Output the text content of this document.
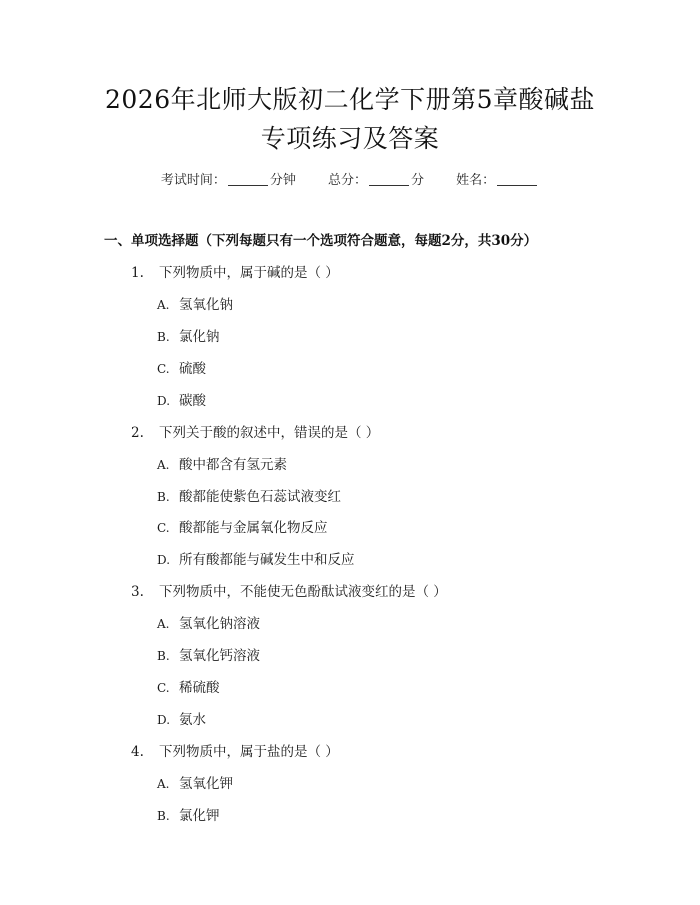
2026年北师大版初二化学下册第5章酸碱盐
专项练习及答案
考试时间：	分钟 总分：	分 姓名：
一、单项选择题（下列每题只有一个选项符合题意，每题2分，共30分）
1. 下列物质中，属于碱的是（ ）
A. 氢氧化钠
B. 氯化钠
C. 硫酸
D. 碳酸
2. 下列关于酸的叙述中，错误的是（ ）
A. 酸中都含有氢元素
B. 酸都能使紫色石蕊试液变红
C. 酸都能与金属氧化物反应
D. 所有酸都能与碱发生中和反应
3. 下列物质中，不能使无色酚酞试液变红的是（ ）
A. 氢氧化钠溶液
B. 氢氧化钙溶液
C. 稀硫酸
D. 氨水
4. 下列物质中，属于盐的是（ ）
A. 氢氧化钾
B. 氯化钾
